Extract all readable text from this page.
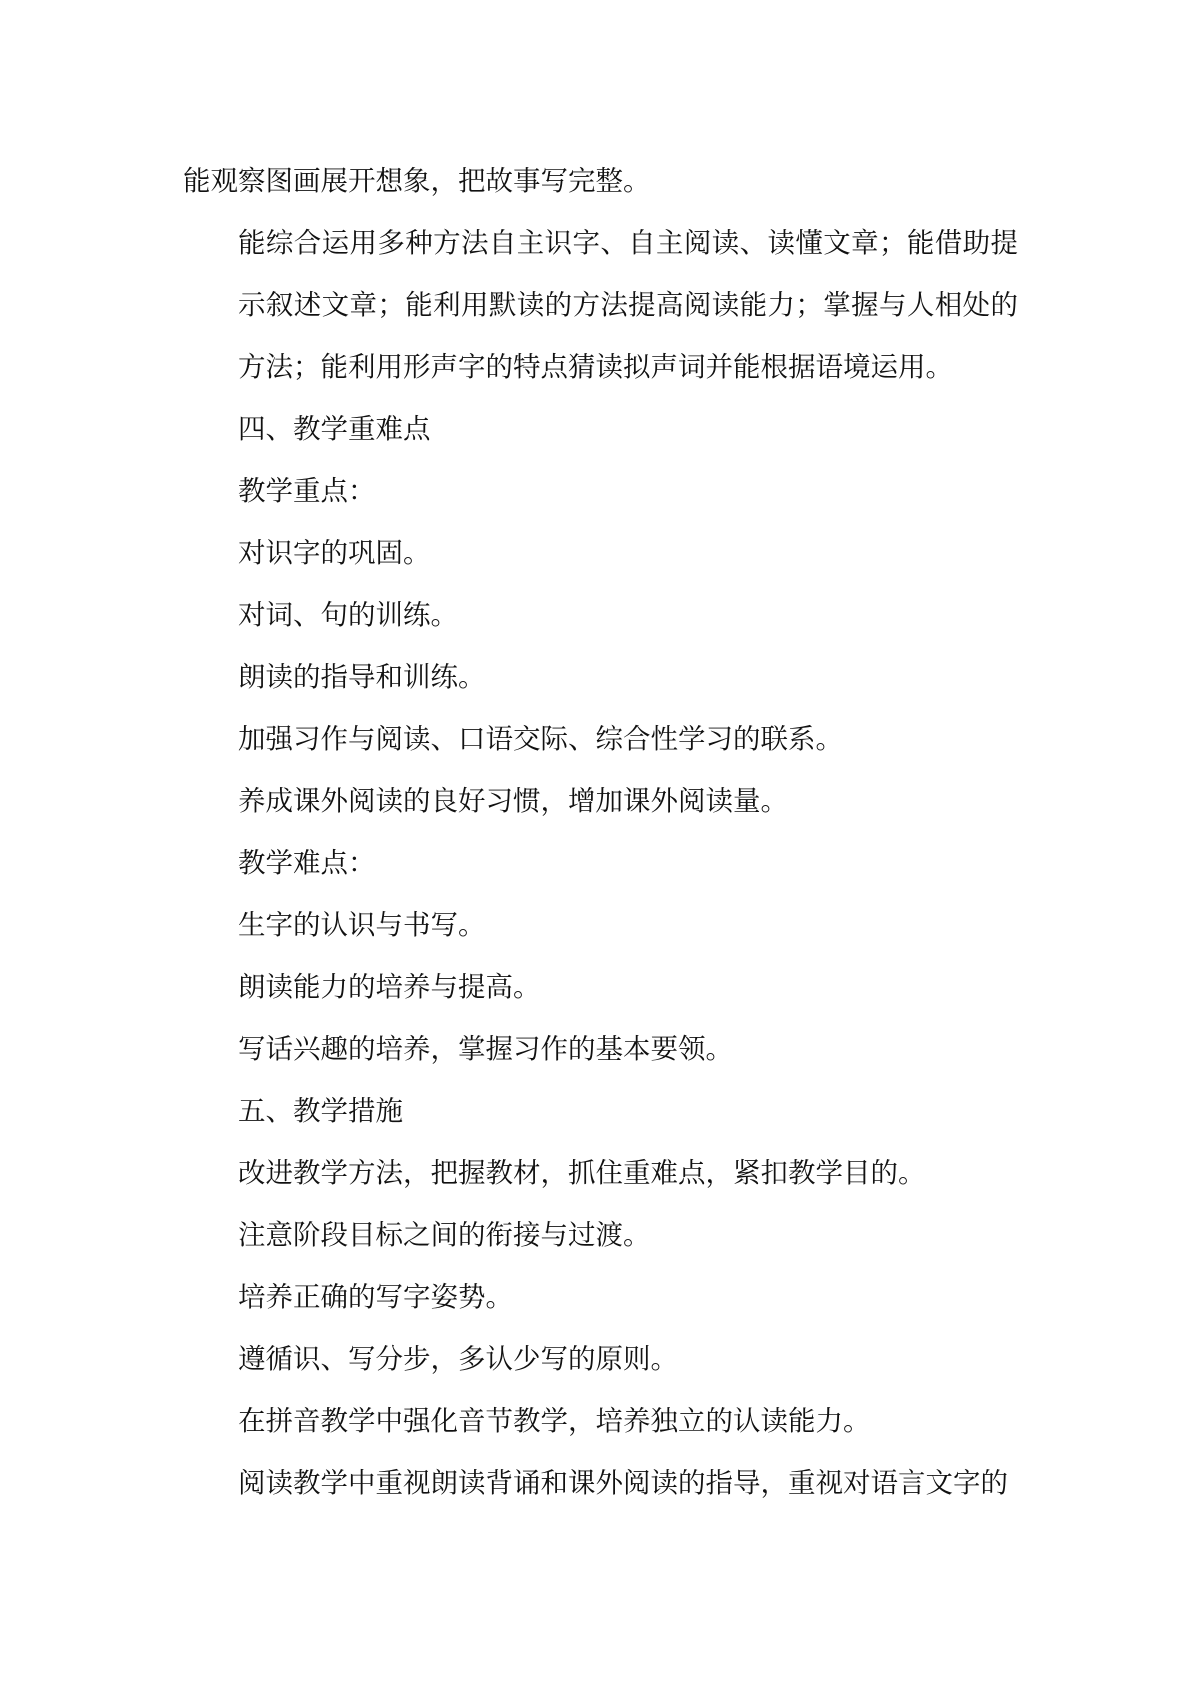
能观察图画展开想象，把故事写完整。

能综合运用多种方法自主识字、自主阅读、读懂文章；能借助提示叙述文章；能利用默读的方法提高阅读能力；掌握与人相处的方法；能利用形声字的特点猜读拟声词并能根据语境运用。

四、教学重难点

教学重点：

对识字的巩固。

对词、句的训练。

朗读的指导和训练。

加强习作与阅读、口语交际、综合性学习的联系。

养成课外阅读的良好习惯，增加课外阅读量。

教学难点：

生字的认识与书写。

朗读能力的培养与提高。

写话兴趣的培养，掌握习作的基本要领。

五、教学措施

改进教学方法，把握教材，抓住重难点，紧扣教学目的。

注意阶段目标之间的衔接与过渡。

培养正确的写字姿势。

遵循识、写分步，多认少写的原则。

在拼音教学中强化音节教学，培养独立的认读能力。

阅读教学中重视朗读背诵和课外阅读的指导，重视对语言文字的
